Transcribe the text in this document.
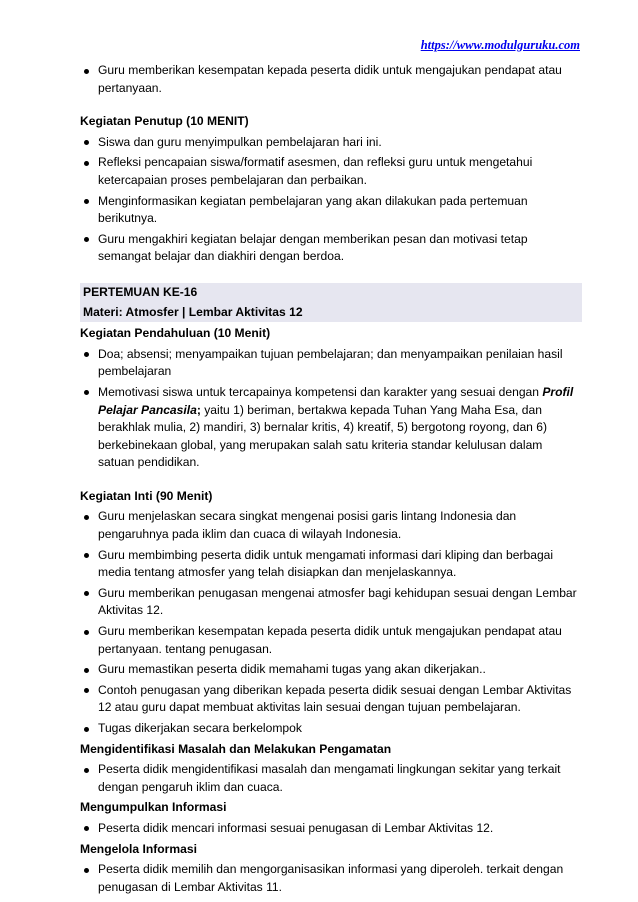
https://www.modulguruku.com
Guru memberikan kesempatan kepada peserta didik untuk mengajukan pendapat atau pertanyaan.
Kegiatan Penutup (10 MENIT)
Siswa dan guru menyimpulkan pembelajaran hari ini.
Refleksi pencapaian siswa/formatif asesmen, dan refleksi guru untuk mengetahui ketercapaian proses pembelajaran dan perbaikan.
Menginformasikan kegiatan pembelajaran yang akan dilakukan pada pertemuan berikutnya.
Guru mengakhiri kegiatan belajar dengan memberikan pesan dan motivasi tetap semangat belajar dan diakhiri dengan berdoa.
PERTEMUAN KE-16
Materi: Atmosfer | Lembar Aktivitas 12
Kegiatan Pendahuluan (10 Menit)
Doa; absensi; menyampaikan tujuan pembelajaran; dan menyampaikan penilaian hasil pembelajaran
Memotivasi siswa untuk tercapainya kompetensi dan karakter yang sesuai dengan Profil Pelajar Pancasila; yaitu 1) beriman, bertakwa kepada Tuhan Yang Maha Esa, dan berakhlak mulia, 2) mandiri, 3) bernalar kritis, 4) kreatif, 5) bergotong royong, dan 6) berkebinekaan global, yang merupakan salah satu kriteria standar kelulusan dalam satuan pendidikan.
Kegiatan Inti (90 Menit)
Guru menjelaskan secara singkat mengenai posisi garis lintang Indonesia dan pengaruhnya pada iklim dan cuaca di wilayah Indonesia.
Guru membimbing peserta didik untuk mengamati informasi dari kliping dan berbagai media tentang atmosfer yang telah disiapkan dan menjelaskannya.
Guru memberikan penugasan mengenai atmosfer bagi kehidupan sesuai dengan Lembar Aktivitas 12.
Guru memberikan kesempatan kepada peserta didik untuk mengajukan pendapat atau pertanyaan. tentang penugasan.
Guru memastikan peserta didik memahami tugas yang akan dikerjakan..
Contoh penugasan yang diberikan kepada peserta didik sesuai dengan Lembar Aktivitas 12 atau guru dapat membuat aktivitas lain sesuai dengan tujuan pembelajaran.
Tugas dikerjakan secara berkelompok
Mengidentifikasi Masalah dan Melakukan Pengamatan
Peserta didik mengidentifikasi masalah dan mengamati lingkungan sekitar yang terkait dengan pengaruh iklim dan cuaca.
Mengumpulkan Informasi
Peserta didik mencari informasi sesuai penugasan di Lembar Aktivitas 12.
Mengelola Informasi
Peserta didik memilih dan mengorganisasikan informasi yang diperoleh. terkait dengan penugasan di Lembar Aktivitas 11.
